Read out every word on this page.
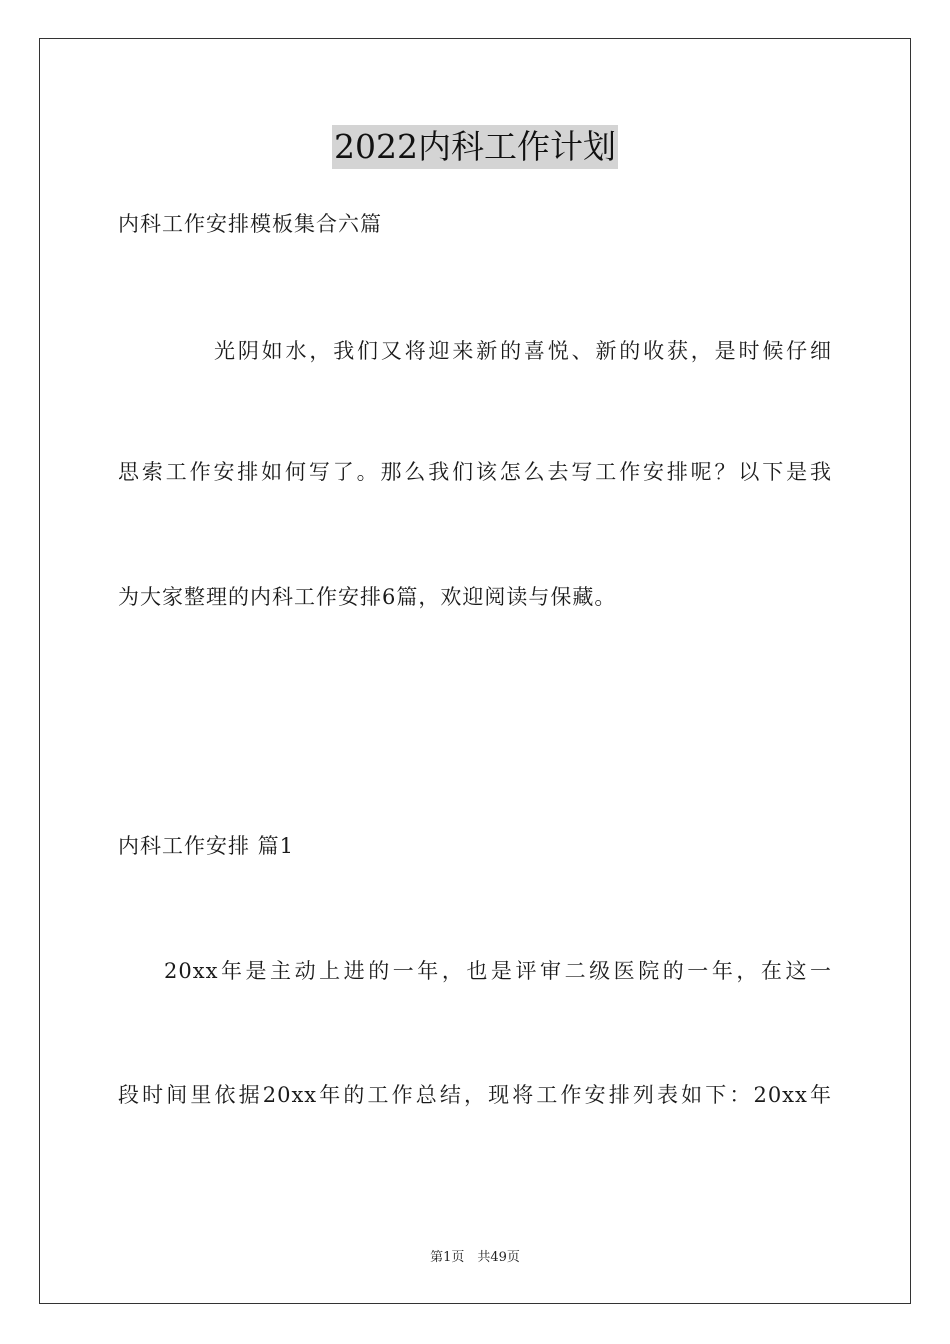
2022内科工作计划
内科工作安排模板集合六篇
光阴如水，我们又将迎来新的喜悦、新的收获，是时候仔细
思索工作安排如何写了。那么我们该怎么去写工作安排呢？以下是我
为大家整理的内科工作安排6篇，欢迎阅读与保藏。
内科工作安排 篇1
20xx年是主动上进的一年，也是评审二级医院的一年，在这一
段时间里依据20xx年的工作总结，现将工作安排列表如下：20xx年
第1页　共49页
